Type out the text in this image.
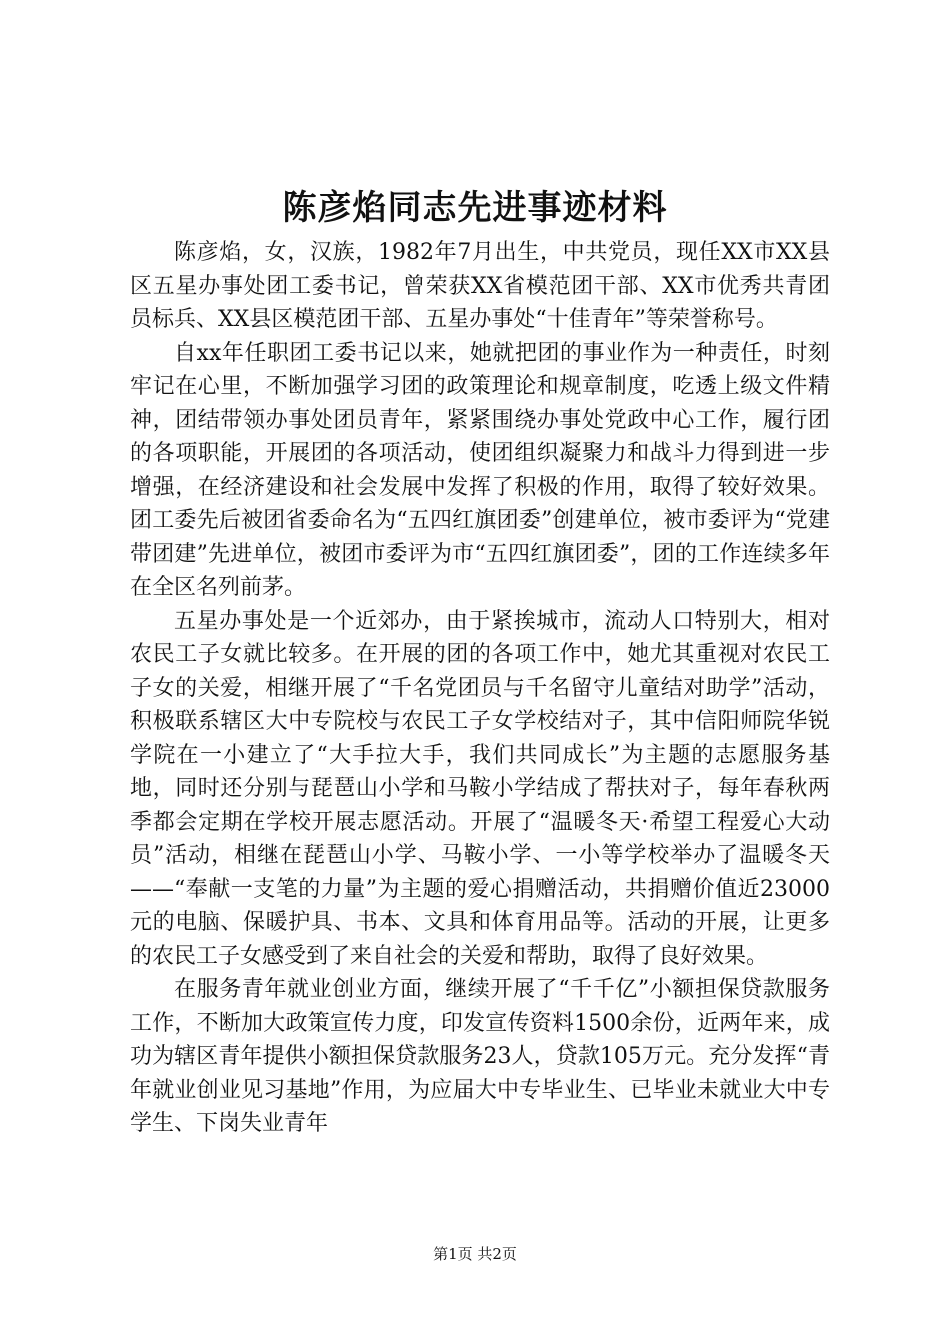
陈彦焰同志先进事迹材料

陈彦焰，女，汉族，1982年7月出生，中共党员，现任XX市XX县区五星办事处团工委书记，曾荣获XX省模范团干部、XX市优秀共青团员标兵、XX县区模范团干部、五星办事处“十佳青年”等荣誉称号。

自xx年任职团工委书记以来，她就把团的事业作为一种责任，时刻牢记在心里，不断加强学习团的政策理论和规章制度，吃透上级文件精神，团结带领办事处团员青年，紧紧围绕办事处党政中心工作，履行团的各项职能，开展团的各项活动，使团组织凝聚力和战斗力得到进一步增强，在经济建设和社会发展中发挥了积极的作用，取得了较好效果。团工委先后被团省委命名为“五四红旗团委”创建单位，被市委评为“党建带团建”先进单位，被团市委评为市“五四红旗团委”，团的工作连续多年在全区名列前茅。

五星办事处是一个近郊办，由于紧挨城市，流动人口特别大，相对农民工子女就比较多。在开展的团的各项工作中，她尤其重视对农民工子女的关爱，相继开展了“千名党团员与千名留守儿童结对助学”活动，积极联系辖区大中专院校与农民工子女学校结对子，其中信阳师院华锐学院在一小建立了“大手拉大手，我们共同成长”为主题的志愿服务基地，同时还分别与琵琶山小学和马鞍小学结成了帮扶对子，每年春秋两季都会定期在学校开展志愿活动。开展了“温暖冬天·希望工程爱心大动员”活动，相继在琵琶山小学、马鞍小学、一小等学校举办了温暖冬天——“奉献一支笔的力量”为主题的爱心捐赠活动，共捐赠价值近23000元的电脑、保暖护具、书本、文具和体育用品等。活动的开展，让更多的农民工子女感受到了来自社会的关爱和帮助，取得了良好效果。

在服务青年就业创业方面，继续开展了“千千亿”小额担保贷款服务工作，不断加大政策宣传力度，印发宣传资料1500余份，近两年来，成功为辖区青年提供小额担保贷款服务23人，贷款105万元。充分发挥“青年就业创业见习基地”作用，为应届大中专毕业生、已毕业未就业大中专学生、下岗失业青年

第1页 共2页
